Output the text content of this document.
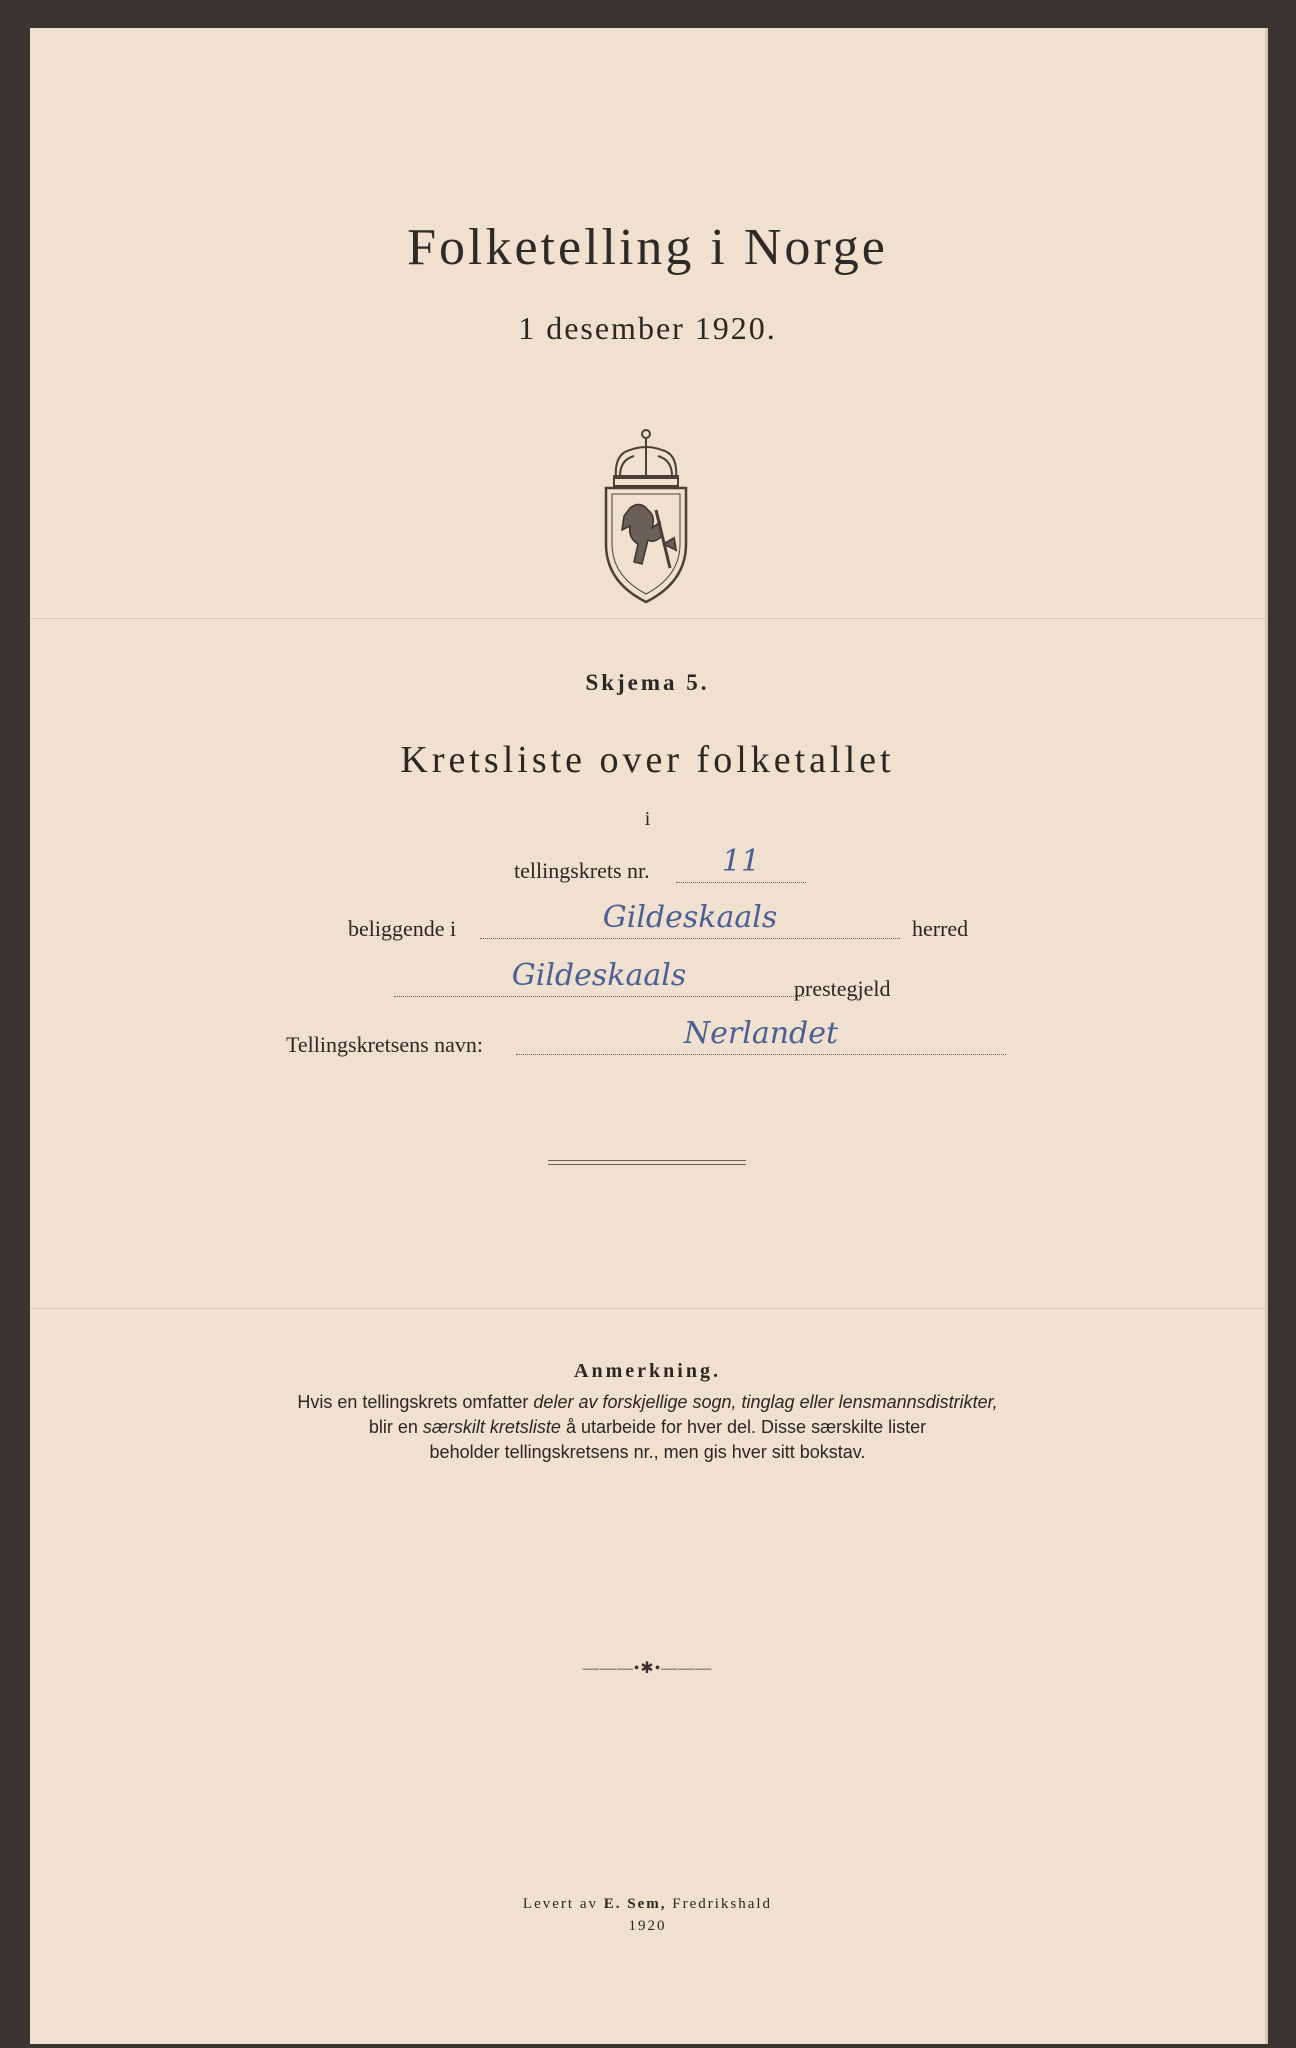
Folketelling i Norge
1 desember 1920.
Skjema 5.
Kretsliste over folketallet
i
tellingskrets nr.	11
beliggende i	Gildeskaals	herred
Gildeskaals	prestegjeld
Tellingskretsens navn:	Nerlandet
Anmerkning.
Hvis en tellingskrets omfatter deler av forskjellige sogn, tinglag eller lensmannsdistrikter,
blir en særskilt kretsliste å utarbeide for hver del. Disse særskilte lister
beholder tellingskretsens nr., men gis hver sitt bokstav.
———•✱•———
Levert av E. Sem, Fredrikshald
1920
